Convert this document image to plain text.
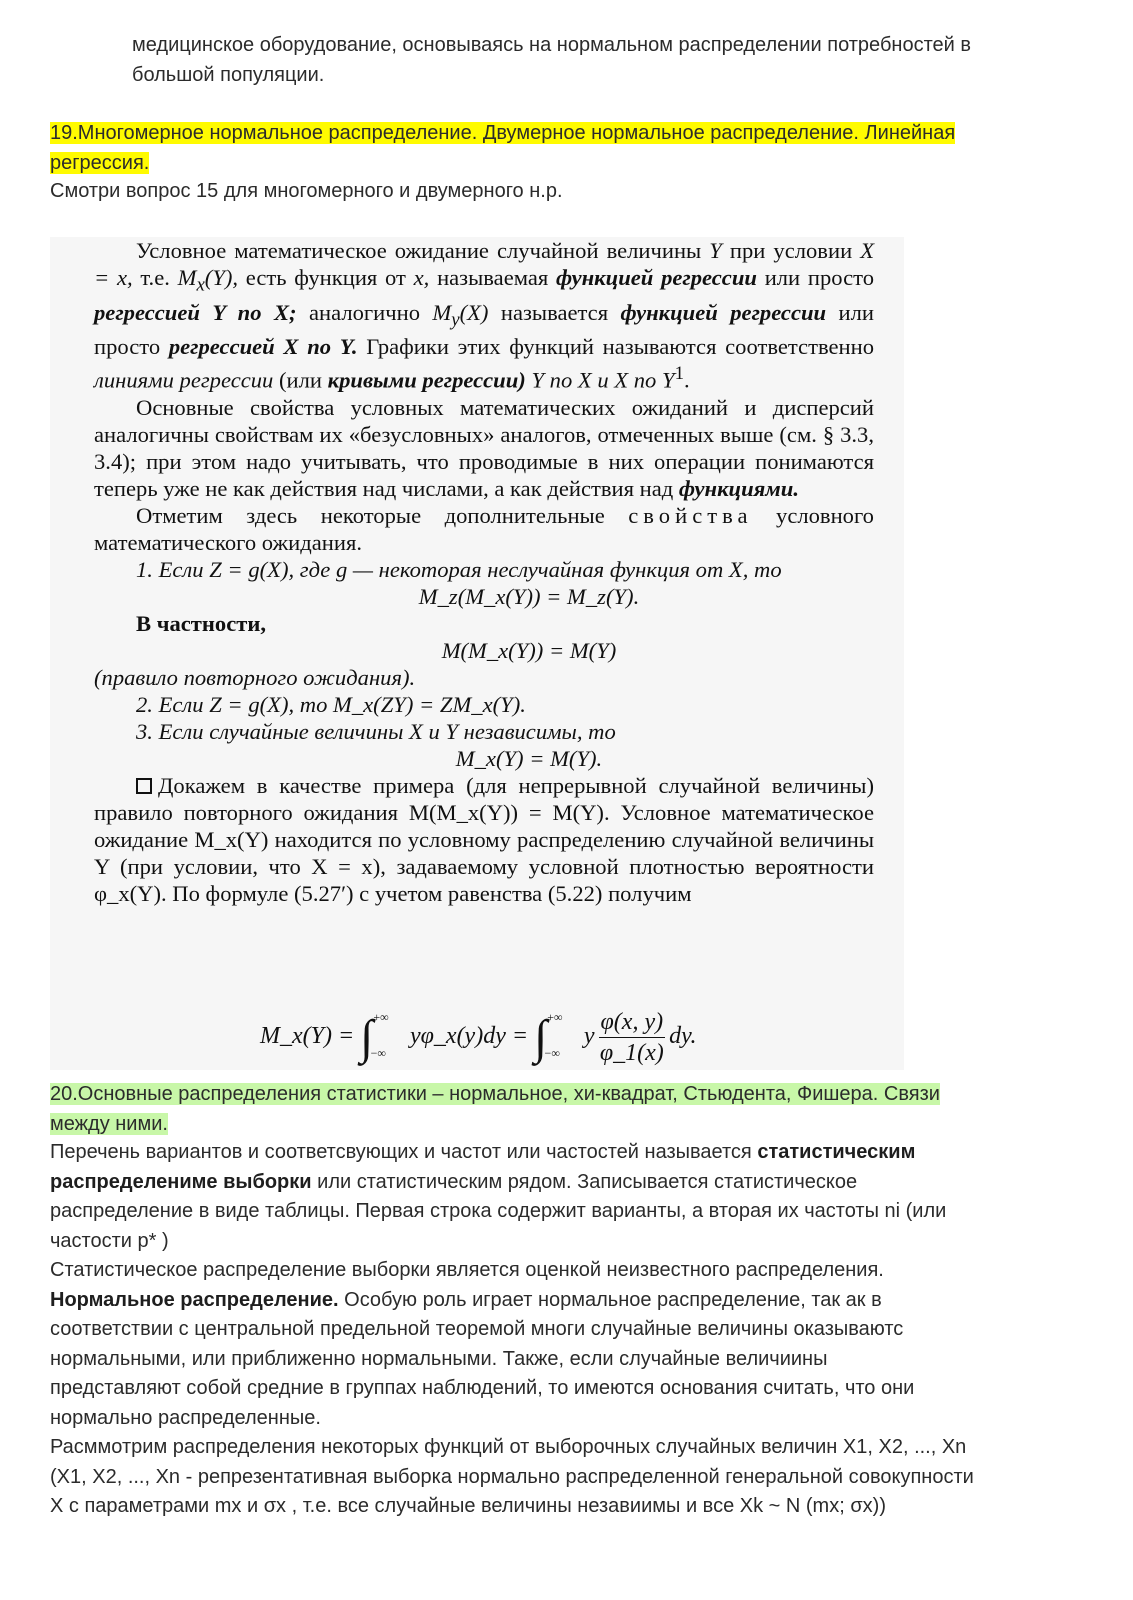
медицинское оборудование, основываясь на нормальном распределении потребностей в
большой популяции.
19.Многомерное нормальное распределение. Двумерное нормальное распределение. Линейная
регрессия.
Смотри вопрос 15 для многомерного и двумерного н.р.

Условное математическое ожидание случайной величины Y при условии X = x, т.е. $M_x(Y)$, есть функция от x, называемая функцией регрессии или просто регрессией Y по X; аналогично $M_y(X)$ называется функцией регрессии или просто регрессией X по Y. Графики этих функций называются соответственно линиями регрессии (или кривыми регрессии) Y по X и X по $Y^1$.

Основные свойства условных математических ожиданий и дисперсий аналогичны свойствам их «безусловных» аналогов, отмеченных выше (см. § 3.3, 3.4); при этом надо учитывать, что проводимые в них операции понимаются теперь уже не как действия над числами, а как действия над функциями.

Отметим здесь некоторые дополнительные свойства условного математического ожидания.

1. Если Z = g(X), где g — некоторая неслучайная функция от X, то

M_z(M_x(Y)) = M_z(Y).

В частности,

M(M_x(Y)) = M(Y)

(правило повторного ожидания).

2. Если Z = g(X), то M_x(ZY) = ZM_x(Y).

3. Если случайные величины X и Y независимы, то

M_x(Y) = M(Y).

Докажем в качестве примера (для непрерывной случайной величины) правило повторного ожидания M(M_x(Y)) = M(Y). Условное математическое ожидание M_x(Y) находится по условному распределению случайной величины Y (при условии, что X = x), задаваемому условной плотностью вероятности φ_x(Y). По формуле (5.27′) с учетом равенства (5.22) получим

M_x(Y) = $\int^{+\infty}_{-\infty}$ yφ_x(y)dy = $\int^{+\infty}_{-\infty}$ y $\frac{\varphi(x, y)}{\varphi\_1(x)}$ dy.
20.Основные распределения статистики – нормальное, хи-квадрат, Стьюдента, Фишера. Связи
между ними.
Перечень вариантов и соответсвующих и частот или частостей называется статистическим
распределениме выборки или статистическим рядом. Записывается статистическое
распределение в виде таблицы. Первая строка содержит варианты, а вторая их частоты ni (или
частости p* )
Статистическое распределение выборки является оценкой неизвестного распределения.
Нормальное распределение. Особую роль играет нормальное распределение, так ак в
соответствии с центральной предельной теоремой многи случайные величины оказываютс
нормальными, или приближенно нормальными. Также, если случайные величиины
представляют собой средние в группах наблюдений, то имеются основания считать, что они
нормально распределенные.
Расммотрим распределения некоторых функций от выборочных случайных величин X1, X2, ..., Xn
(X1, X2, ..., Xn - репрезентативная выборка нормально распределенной генеральной совокупности
X с параметрами mx и σx , т.е. все случайные величины незавиимы и все Xk ~ N (mx; σx))
